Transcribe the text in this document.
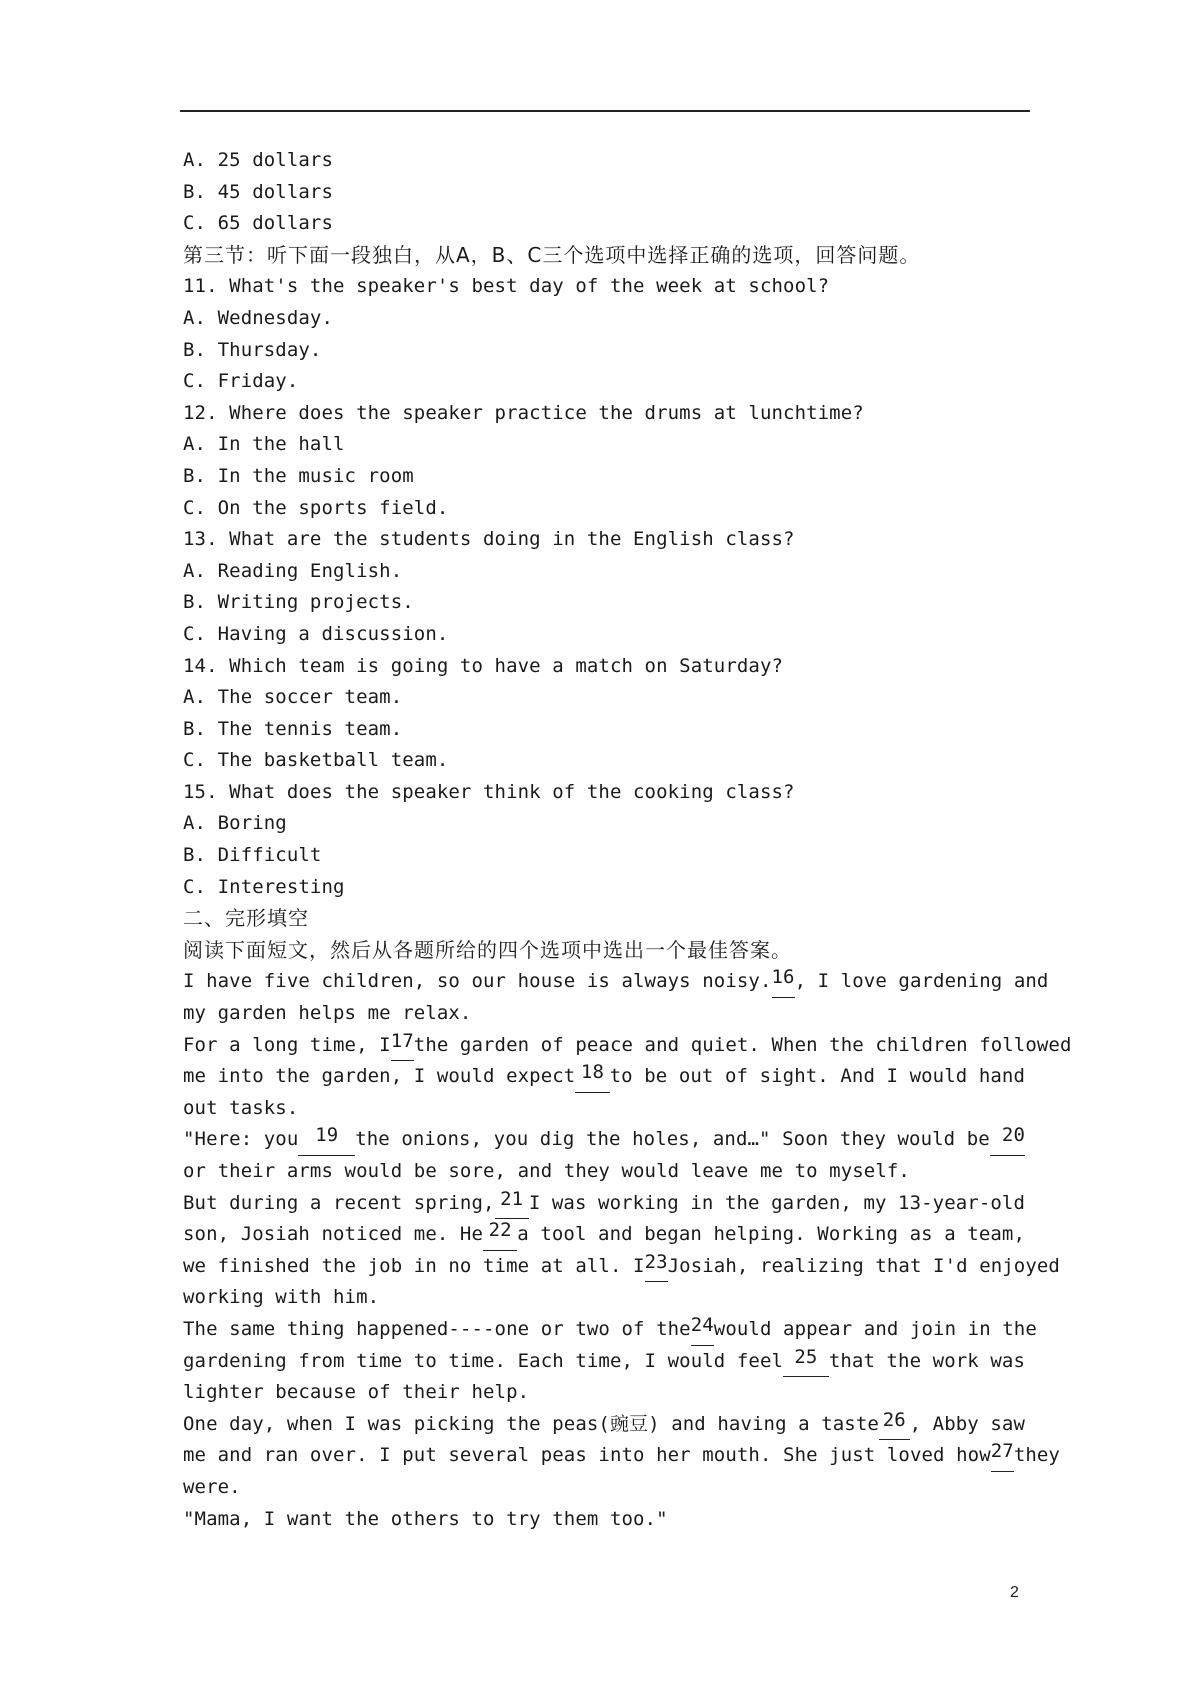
A. 25 dollars
B. 45 dollars
C. 65 dollars
第三节：听下面一段独白，从A，B、C三个选项中选择正确的选项，回答问题。
11. What's the speaker's best day of the week at school?
A. Wednesday.
B. Thursday.
C. Friday.
12. Where does the speaker practice the drums at lunchtime?
A. In the hall
B. In the music room
C. On the sports field.
13. What are the students doing in the English class?
A. Reading English.
B. Writing projects.
C. Having a discussion.
14. Which team is going to have a match on Saturday?
A. The soccer team.
B. The tennis team.
C. The basketball team.
15. What does the speaker think of the cooking class?
A. Boring
B. Difficult
C. Interesting
二、完形填空
阅读下面短文，然后从各题所给的四个选项中选出一个最佳答案。
I have five children, so our house is always noisy. 16 , I love gardening and
my garden helps me relax.
For a long time, I 17 the garden of peace and quiet. When the children followed
me into the garden, I would expect 18 to be out of sight. And I would hand
out tasks.
"Here: you 19 the onions, you dig the holes, and…" Soon they would be 20
or their arms would be sore, and they would leave me to myself.
But during a recent spring, 21 I was working in the garden, my 13-year-old
son, Josiah noticed me. He 22 a tool and began helping. Working as a team,
we finished the job in no time at all. I 23 Josiah, realizing that I'd enjoyed
working with him.
The same thing happened----one or two of the 24 would appear and join in the
gardening from time to time. Each time, I would feel 25 that the work was
lighter because of their help.
One day, when I was picking the peas(豌豆) and having a taste 26 , Abby saw
me and ran over. I put several peas into her mouth. She just loved how 27 they
were.
"Mama, I want the others to try them too."
2
